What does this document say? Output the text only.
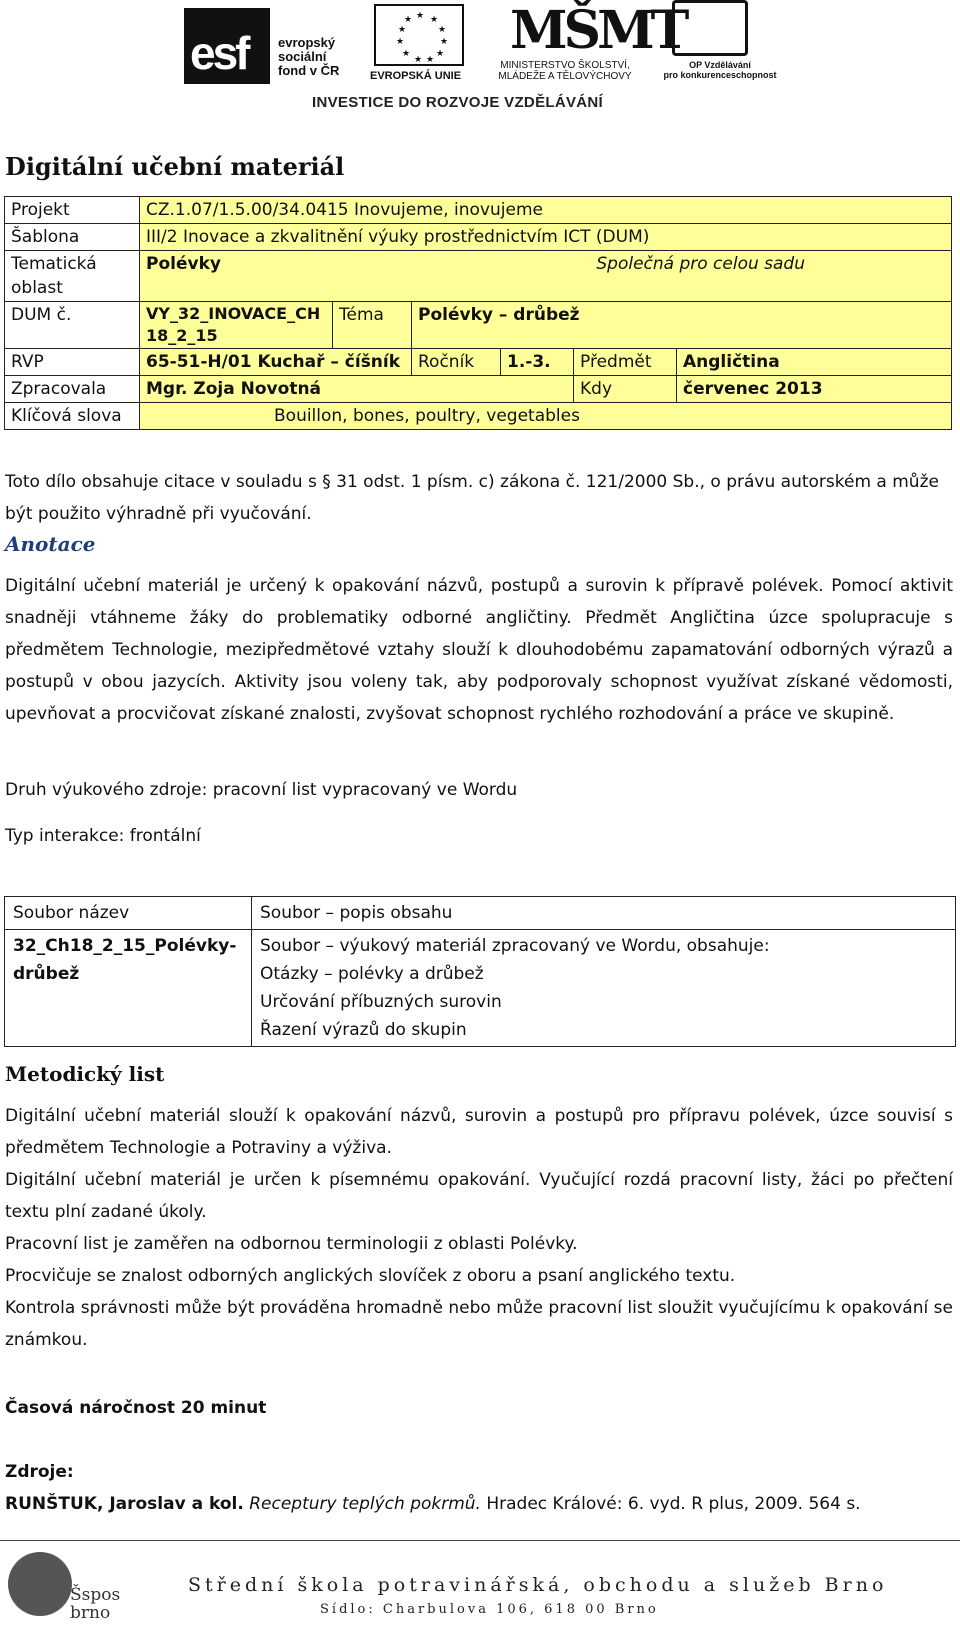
esf evropský
sociální
fond v ČR
★ ★
★
★
★
★
★
★
★
★
★
EVROPSKÁ UNIE
MŠMT
MINISTERSTVO ŠKOLSTVÍ,
MLÁDEŽE A TĚLOVÝCHOVY
OP Vzdělávání
pro konkurenceschopnost
INVESTICE DO ROZVOJE VZDĚLÁVÁNÍ
Digitální učební materiál
Projekt	CZ.1.07/1.5.00/34.0415 Inovujeme, inovujeme					
Šablona	III/2 Inovace a zkvalitnění výuky prostřednictvím ICT (DUM)					
Tematická oblast	Polévky Společná pro celou sadu					

DUM č.	VY_32_INOVACE_CH 18_2_15	Téma	Polévky – drůbež			
RVP	65-51-H/01 Kuchař – číšník		Ročník	1.-3.	Předmět	Angličtina
Zpracovala	Mgr. Zoja Novotná				Kdy	červenec 2013
Klíčová slova	Bouillon, bones, poultry, vegetables					
Toto dílo obsahuje citace v souladu s § 31 odst. 1 písm. c) zákona č. 121/2000 Sb., o právu autorském a může být použito výhradně při vyučování.
Anotace
Digitální učební materiál je určený k opakování názvů, postupů a surovin k přípravě polévek. Pomocí aktivit snadněji vtáhneme žáky do problematiky odborné angličtiny. Předmět Angličtina úzce spolupracuje s předmětem Technologie, mezipředmětové vztahy slouží k dlouhodobému zapamatování odborných výrazů a postupů v obou jazycích. Aktivity jsou voleny tak, aby podporovaly schopnost využívat získané vědomosti, upevňovat a procvičovat získané znalosti, zvyšovat schopnost rychlého rozhodování a práce ve skupině.
Druh výukového zdroje: pracovní list vypracovaný ve Wordu
Typ interakce: frontální
Soubor název	Soubor – popis obsahu
32_Ch18_2_15_Polévky-drůbež	Soubor – výukový materiál zpracovaný ve Wordu, obsahuje:
Otázky – polévky a drůbež
Určování příbuzných surovin
Řazení výrazů do skupin
Metodický list
Digitální učební materiál slouží k opakování názvů, surovin a postupů pro přípravu polévek, úzce souvisí s předmětem Technologie a Potraviny a výživa.
Digitální učební materiál je určen k písemnému opakování. Vyučující rozdá pracovní listy, žáci po přečtení textu plní zadané úkoly.
Pracovní list je zaměřen na odbornou terminologii z oblasti Polévky.
Procvičuje se znalost odborných anglických slovíček z oboru a psaní anglického textu.
Kontrola správnosti může být prováděna hromadně nebo může pracovní list sloužit vyučujícímu k opakování se známkou.
Časová náročnost 20 minut
Zdroje:
RUNŠTUK, Jaroslav a kol. Receptury teplých pokrmů. Hradec Králové: 6. vyd. R plus, 2009. 564 s.
Šspos
brno
Střední škola potravinářská, obchodu a služeb Brno
Sídlo: Charbulova 106, 618 00 Brno
